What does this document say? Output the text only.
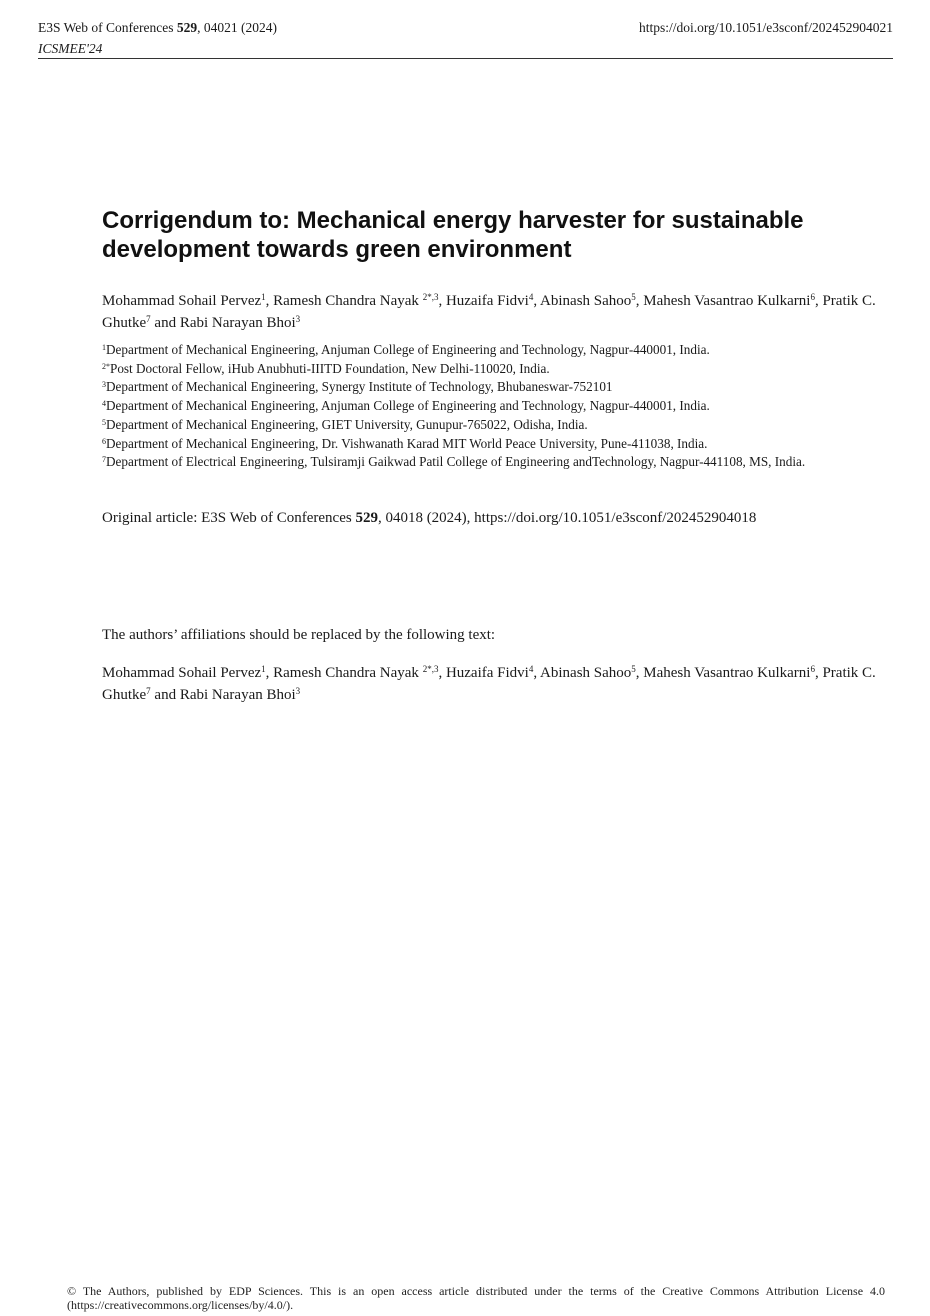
E3S Web of Conferences 529, 04021 (2024)
ICSMEE'24
https://doi.org/10.1051/e3sconf/202452904021
Corrigendum to: Mechanical energy harvester for sustainable development towards green environment
Mohammad Sohail Pervez$^1$, Ramesh Chandra Nayak $^{2*,3}$, Huzaifa Fidvi$^4$, Abinash Sahoo$^5$, Mahesh Vasantrao Kulkarni$^6$, Pratik C. Ghutke$^7$ and Rabi Narayan Bhoi$^3$
$^1$Department of Mechanical Engineering, Anjuman College of Engineering and Technology, Nagpur-440001, India.
$^{2*}$Post Doctoral Fellow, iHub Anubhuti-IIITD Foundation, New Delhi-110020, India.
$^3$Department of Mechanical Engineering, Synergy Institute of Technology, Bhubaneswar-752101
$^4$Department of Mechanical Engineering, Anjuman College of Engineering and Technology, Nagpur-440001, India.
$^5$Department of Mechanical Engineering, GIET University, Gunupur-765022, Odisha, India.
$^6$Department of Mechanical Engineering, Dr. Vishwanath Karad MIT World Peace University, Pune-411038, India.
$^7$Department of Electrical Engineering, Tulsiramji Gaikwad Patil College of Engineering andTechnology, Nagpur-441108, MS, India.
Original article: E3S Web of Conferences 529, 04018 (2024), https://doi.org/10.1051/e3sconf/202452904018
The authors’ affiliations should be replaced by the following text:
Mohammad Sohail Pervez$^1$, Ramesh Chandra Nayak $^{2*,3}$, Huzaifa Fidvi$^4$, Abinash Sahoo$^5$, Mahesh Vasantrao Kulkarni$^6$, Pratik C. Ghutke$^7$ and Rabi Narayan Bhoi$^3$
© The Authors, published by EDP Sciences. This is an open access article distributed under the terms of the Creative Commons Attribution License 4.0 (https://creativecommons.org/licenses/by/4.0/).
